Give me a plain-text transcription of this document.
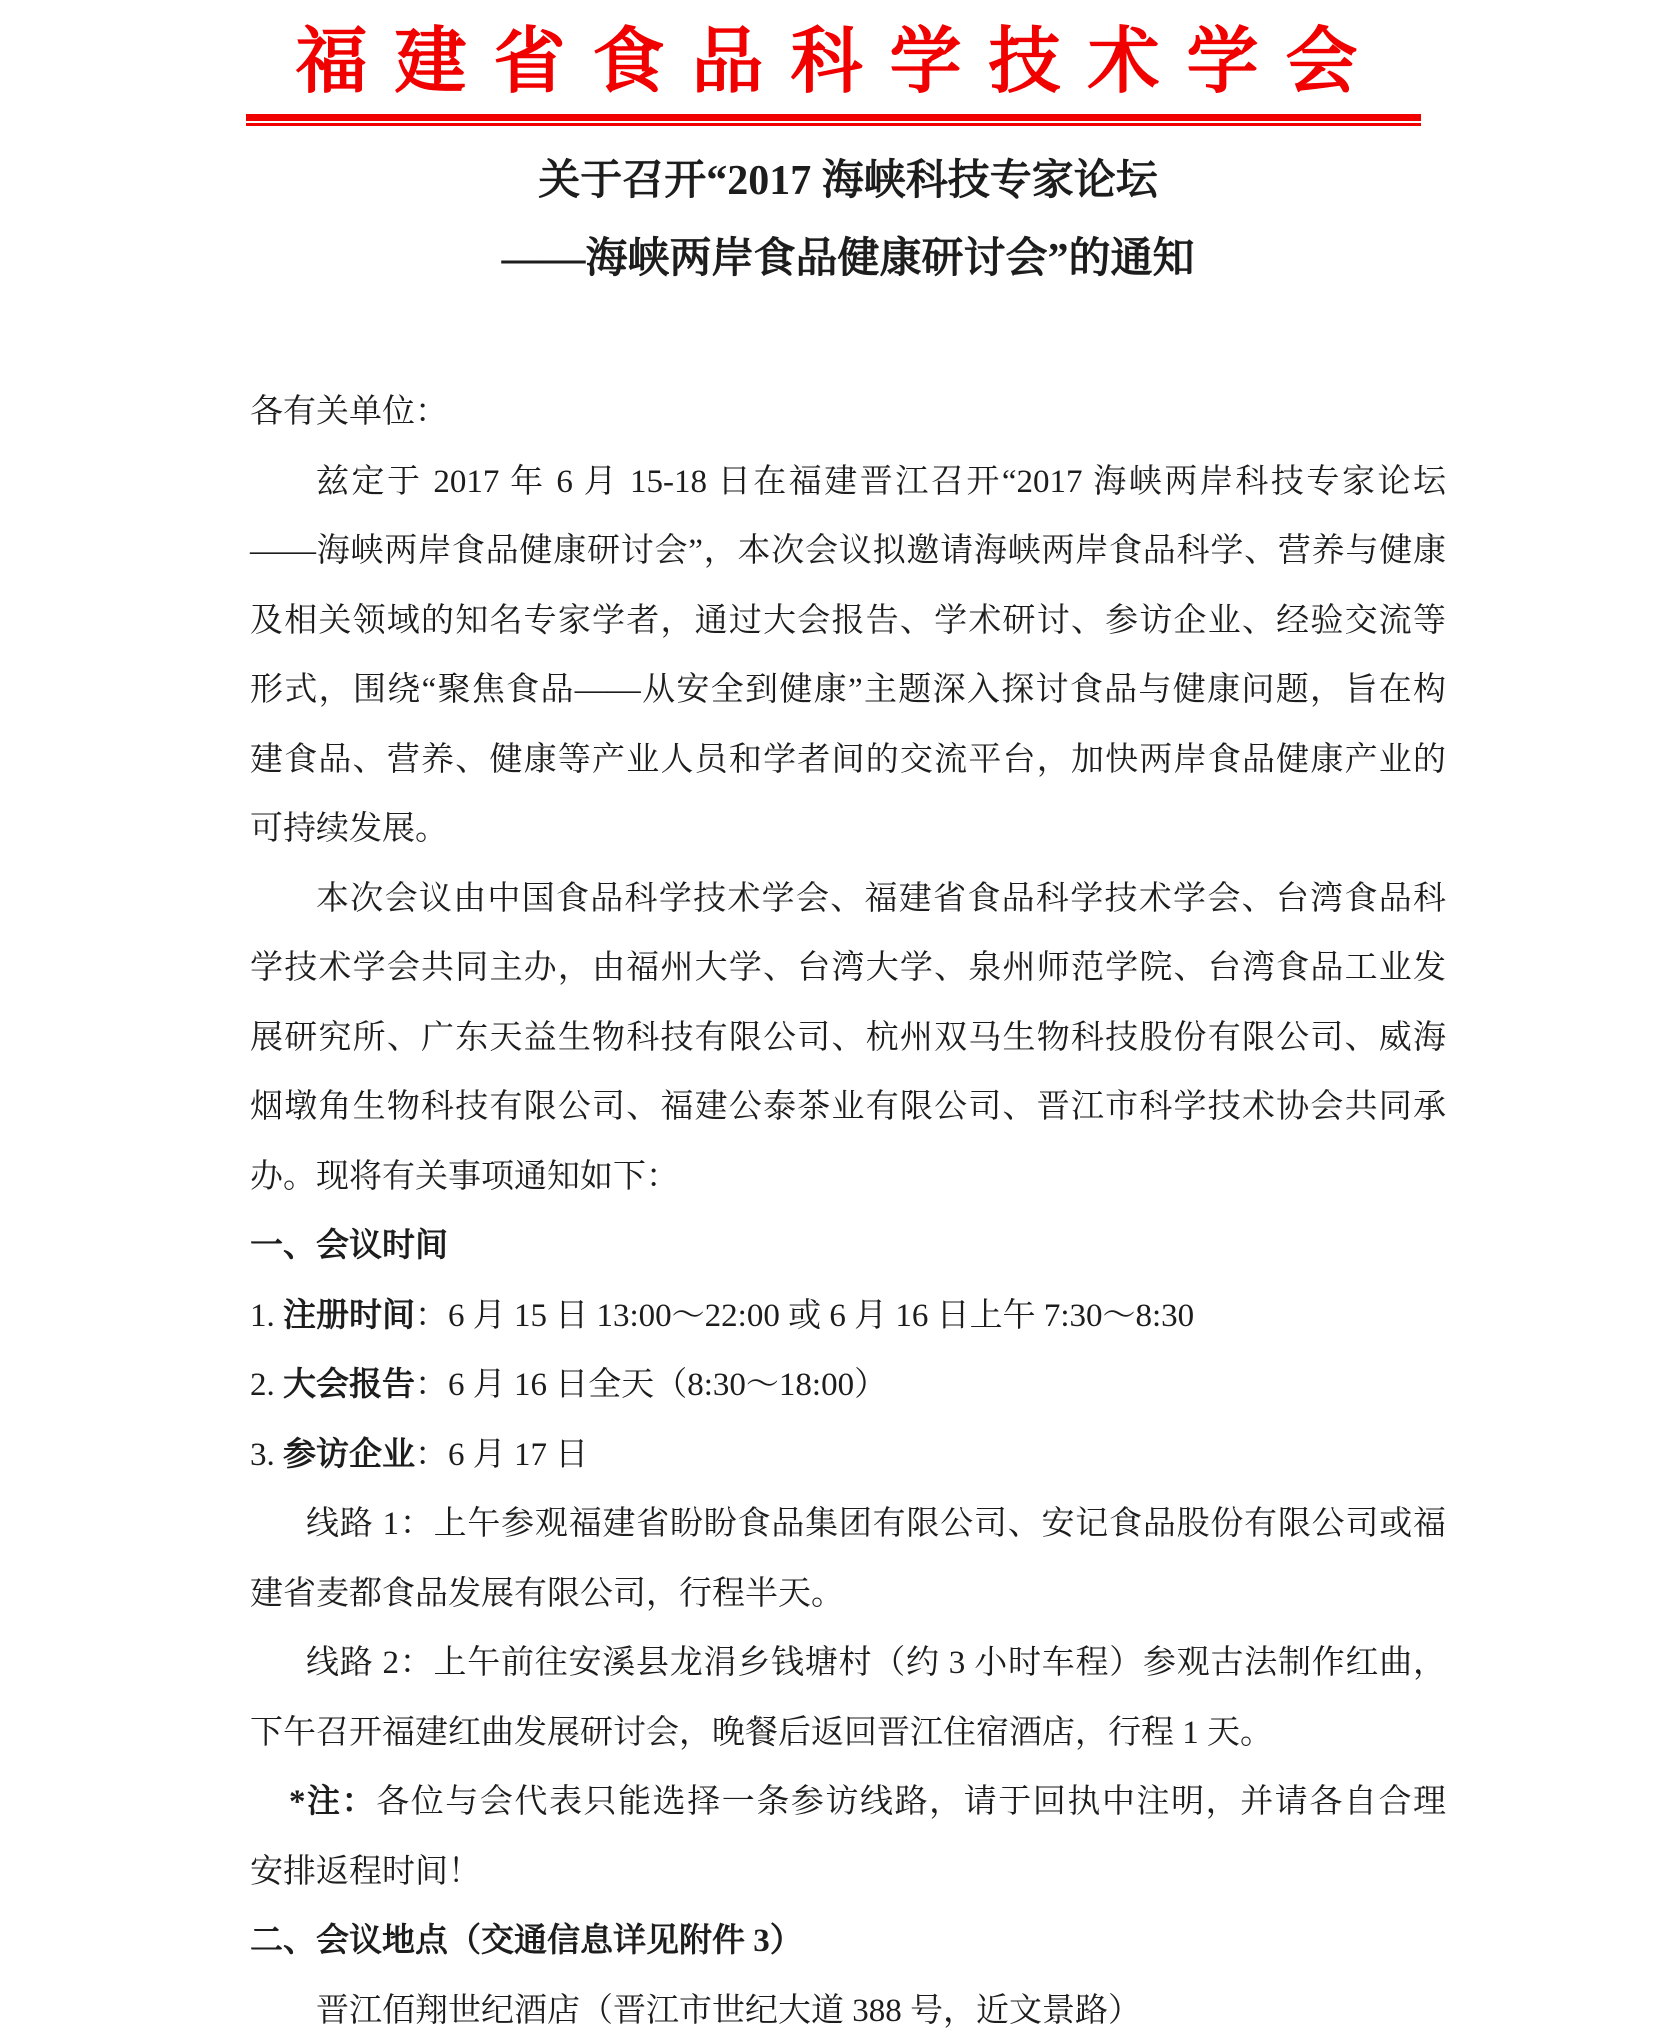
福建省食品科学技术学会
关于召开“2017 海峡科技专家论坛
——海峡两岸食品健康研讨会”的通知
各有关单位：
兹定于 2017 年 6 月 15-18 日在福建晋江召开“2017 海峡两岸科技专家论坛
——海峡两岸食品健康研讨会”，本次会议拟邀请海峡两岸食品科学、营养与健康
及相关领域的知名专家学者，通过大会报告、学术研讨、参访企业、经验交流等
形式，围绕“聚焦食品——从安全到健康”主题深入探讨食品与健康问题，旨在构
建食品、营养、健康等产业人员和学者间的交流平台，加快两岸食品健康产业的
可持续发展。
本次会议由中国食品科学技术学会、福建省食品科学技术学会、台湾食品科
学技术学会共同主办，由福州大学、台湾大学、泉州师范学院、台湾食品工业发
展研究所、广东天益生物科技有限公司、杭州双马生物科技股份有限公司、威海
烟墩角生物科技有限公司、福建公泰茶业有限公司、晋江市科学技术协会共同承
办。现将有关事项通知如下：
一、会议时间
1. 注册时间：6 月 15 日 13:00～22:00 或 6 月 16 日上午 7:30～8:30
2. 大会报告：6 月 16 日全天（8:30～18:00）
3. 参访企业：6 月 17 日
线路 1：上午参观福建省盼盼食品集团有限公司、安记食品股份有限公司或福
建省麦都食品发展有限公司，行程半天。
线路 2：上午前往安溪县龙涓乡钱塘村（约 3 小时车程）参观古法制作红曲，
下午召开福建红曲发展研讨会，晚餐后返回晋江住宿酒店，行程 1 天。
*注：各位与会代表只能选择一条参访线路，请于回执中注明，并请各自合理
安排返程时间！
二、会议地点（交通信息详见附件 3）
晋江佰翔世纪酒店（晋江市世纪大道 388 号，近文景路）
